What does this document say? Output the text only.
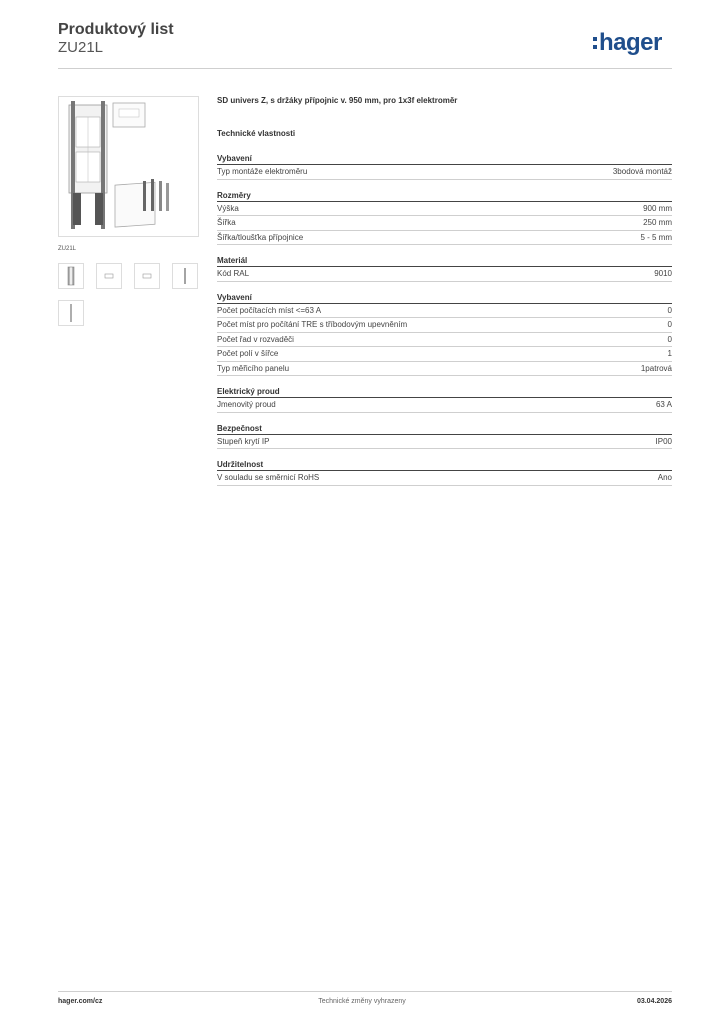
Produktový list
ZU21L	hager
ZU21L
SD univers Z, s držáky přípojnic v. 950 mm, pro 1x3f elektroměr
Technické vlastnosti
Vybavení
Typ montáže elektroměru	3bodová montáž
Rozměry
Výška	900 mm
Šířka	250 mm
Šířka/tloušťka přípojnice	5 - 5 mm
Materiál
Kód RAL	9010
Vybavení
Počet počítacích míst <=63 A	0
Počet míst pro počítání TRE s tříbodovým upevněním	0
Počet řad v rozvaděči	0
Počet polí v šířce	1
Typ měřicího panelu	1patrová
Elektrický proud
Jmenovitý proud	63 A
Bezpečnost
Stupeň krytí IP	IP00
Udržitelnost
V souladu se směrnicí RoHS	Ano
hager.com/cz	Technické změny vyhrazeny	03.04.2026
